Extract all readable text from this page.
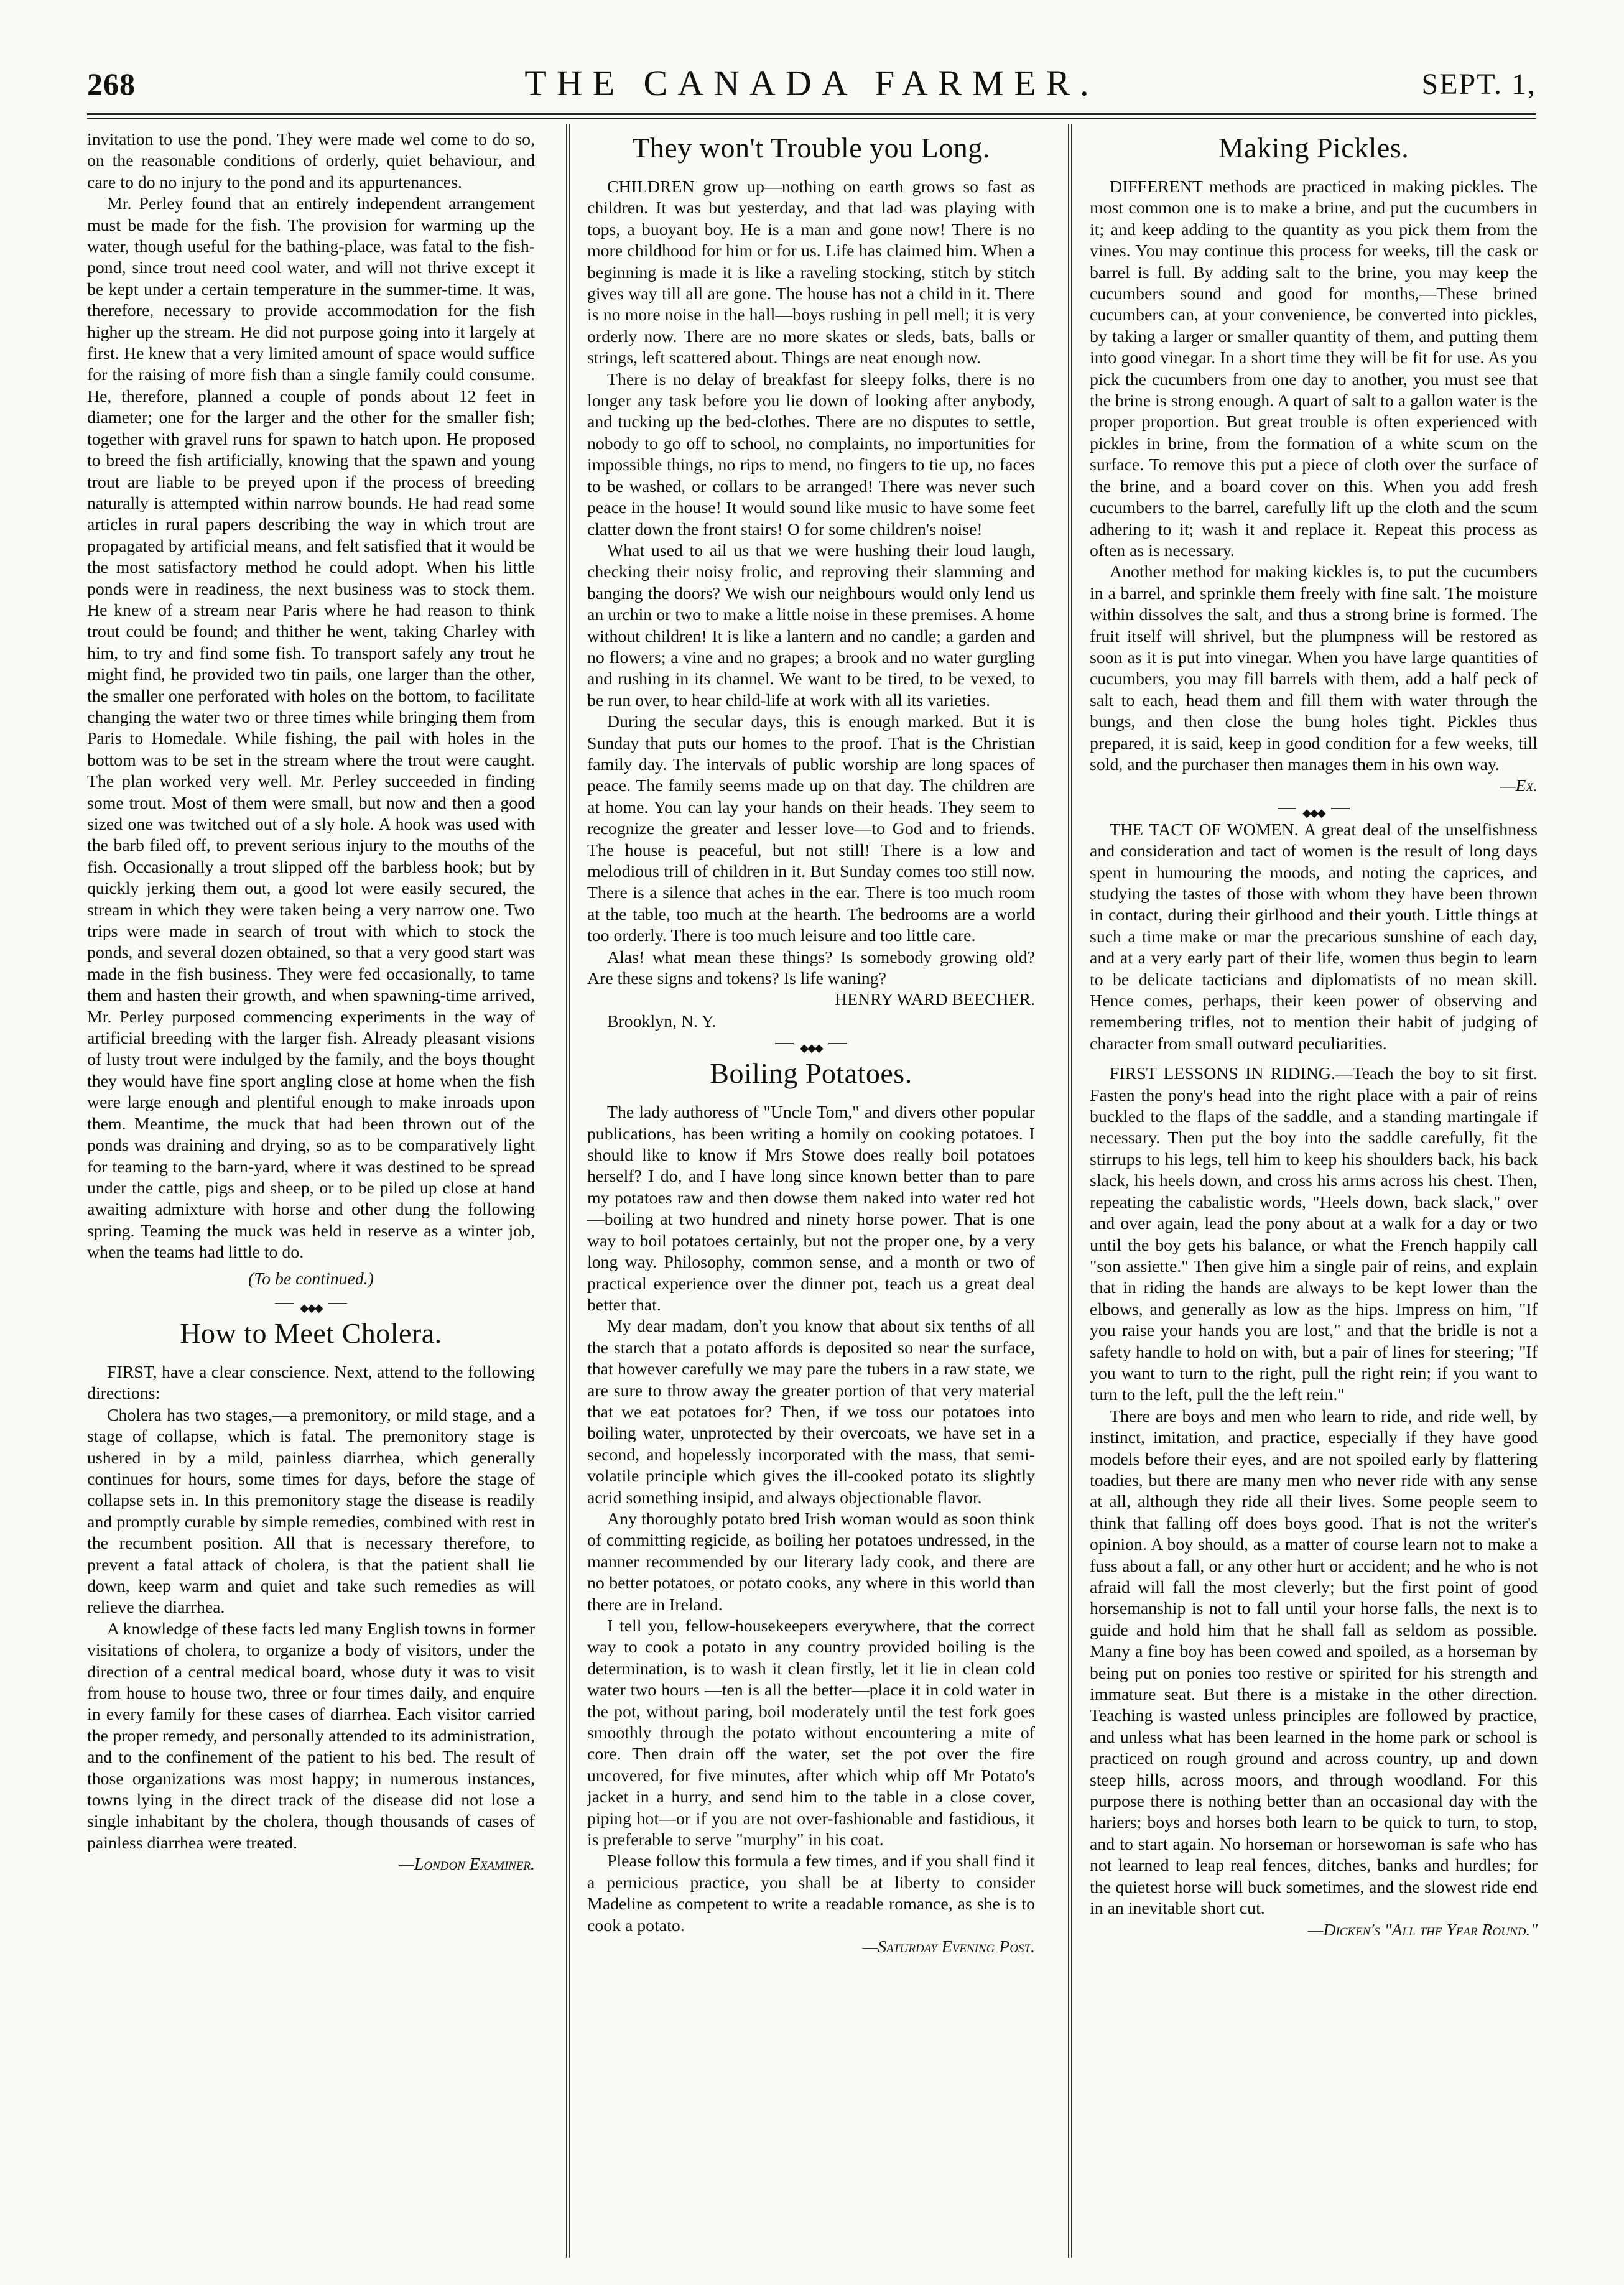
268	THE CANADA FARMER.	SEPT. 1,

invitation to use the pond. They were made wel come to do so, on the reasonable conditions of orderly, quiet behaviour, and care to do no injury to the pond and its appurtenances.

Mr. Perley found that an entirely independent arrangement must be made for the fish. The provision for warming up the water, though useful for the bathing-place, was fatal to the fish-pond, since trout need cool water, and will not thrive except it be kept under a certain temperature in the summer-time. It was, therefore, necessary to provide accommodation for the fish higher up the stream. He did not purpose going into it largely at first. He knew that a very limited amount of space would suffice for the raising of more fish than a single family could consume. He, therefore, planned a couple of ponds about 12 feet in diameter; one for the larger and the other for the smaller fish; together with gravel runs for spawn to hatch upon. He proposed to breed the fish artificially, knowing that the spawn and young trout are liable to be preyed upon if the process of breeding naturally is attempted within narrow bounds. He had read some articles in rural papers describing the way in which trout are propagated by artificial means, and felt satisfied that it would be the most satisfactory method he could adopt. When his little ponds were in readiness, the next business was to stock them. He knew of a stream near Paris where he had reason to think trout could be found; and thither he went, taking Charley with him, to try and find some fish. To transport safely any trout he might find, he provided two tin pails, one larger than the other, the smaller one perforated with holes on the bottom, to facilitate changing the water two or three times while bringing them from Paris to Homedale. While fishing, the pail with holes in the bottom was to be set in the stream where the trout were caught. The plan worked very well. Mr. Perley succeeded in finding some trout. Most of them were small, but now and then a good sized one was twitched out of a sly hole. A hook was used with the barb filed off, to prevent serious injury to the mouths of the fish. Occasionally a trout slipped off the barbless hook; but by quickly jerking them out, a good lot were easily secured, the stream in which they were taken being a very narrow one. Two trips were made in search of trout with which to stock the ponds, and several dozen obtained, so that a very good start was made in the fish business. They were fed occasionally, to tame them and hasten their growth, and when spawning-time arrived, Mr. Perley purposed commencing experiments in the way of artificial breeding with the larger fish. Already pleasant visions of lusty trout were indulged by the family, and the boys thought they would have fine sport angling close at home when the fish were large enough and plentiful enough to make inroads upon them. Meantime, the muck that had been thrown out of the ponds was draining and drying, so as to be comparatively light for teaming to the barn-yard, where it was destined to be spread under the cattle, pigs and sheep, or to be piled up close at hand awaiting admixture with horse and other dung the following spring. Teaming the muck was held in reserve as a winter job, when the teams had little to do.

(To be continued.)

◆◆◆
How to Meet Cholera.

FIRST, have a clear conscience. Next, attend to the following directions:

Cholera has two stages,—a premonitory, or mild stage, and a stage of collapse, which is fatal. The premonitory stage is ushered in by a mild, painless diarrhea, which generally continues for hours, some times for days, before the stage of collapse sets in. In this premonitory stage the disease is readily and promptly curable by simple remedies, combined with rest in the recumbent position. All that is necessary therefore, to prevent a fatal attack of cholera, is that the patient shall lie down, keep warm and quiet and take such remedies as will relieve the diarrhea.

A knowledge of these facts led many English towns in former visitations of cholera, to organize a body of visitors, under the direction of a central medical board, whose duty it was to visit from house to house two, three or four times daily, and enquire in every family for these cases of diarrhea. Each visitor carried the proper remedy, and personally attended to its administration, and to the confinement of the patient to his bed. The result of those organizations was most happy; in numerous instances, towns lying in the direct track of the disease did not lose a single inhabitant by the cholera, though thousands of cases of painless diarrhea were treated.

—London Examiner.

They won't Trouble you Long.

CHILDREN grow up—nothing on earth grows so fast as children. It was but yesterday, and that lad was playing with tops, a buoyant boy. He is a man and gone now! There is no more childhood for him or for us. Life has claimed him. When a beginning is made it is like a raveling stocking, stitch by stitch gives way till all are gone. The house has not a child in it. There is no more noise in the hall—boys rushing in pell mell; it is very orderly now. There are no more skates or sleds, bats, balls or strings, left scattered about. Things are neat enough now.

There is no delay of breakfast for sleepy folks, there is no longer any task before you lie down of looking after anybody, and tucking up the bed-clothes. There are no disputes to settle, nobody to go off to school, no complaints, no importunities for impossible things, no rips to mend, no fingers to tie up, no faces to be washed, or collars to be arranged! There was never such peace in the house! It would sound like music to have some feet clatter down the front stairs! O for some children's noise!

What used to ail us that we were hushing their loud laugh, checking their noisy frolic, and reproving their slamming and banging the doors? We wish our neighbours would only lend us an urchin or two to make a little noise in these premises. A home without children! It is like a lantern and no candle; a garden and no flowers; a vine and no grapes; a brook and no water gurgling and rushing in its channel. We want to be tired, to be vexed, to be run over, to hear child-life at work with all its varieties.

During the secular days, this is enough marked. But it is Sunday that puts our homes to the proof. That is the Christian family day. The intervals of public worship are long spaces of peace. The family seems made up on that day. The children are at home. You can lay your hands on their heads. They seem to recognize the greater and lesser love—to God and to friends. The house is peaceful, but not still! There is a low and melodious trill of children in it. But Sunday comes too still now. There is a silence that aches in the ear. There is too much room at the table, too much at the hearth. The bedrooms are a world too orderly. There is too much leisure and too little care.

Alas! what mean these things? Is somebody growing old? Are these signs and tokens? Is life waning?

HENRY WARD BEECHER.

Brooklyn, N. Y.

◆◆◆
Boiling Potatoes.

The lady authoress of "Uncle Tom," and divers other popular publications, has been writing a homily on cooking potatoes. I should like to know if Mrs Stowe does really boil potatoes herself? I do, and I have long since known better than to pare my potatoes raw and then dowse them naked into water red hot—boiling at two hundred and ninety horse power. That is one way to boil potatoes certainly, but not the proper one, by a very long way. Philosophy, common sense, and a month or two of practical experience over the dinner pot, teach us a great deal better that.

My dear madam, don't you know that about six tenths of all the starch that a potato affords is deposited so near the surface, that however carefully we may pare the tubers in a raw state, we are sure to throw away the greater portion of that very material that we eat potatoes for? Then, if we toss our potatoes into boiling water, unprotected by their overcoats, we have set in a second, and hopelessly incorporated with the mass, that semi-volatile principle which gives the ill-cooked potato its slightly acrid something insipid, and always objectionable flavor.

Any thoroughly potato bred Irish woman would as soon think of committing regicide, as boiling her potatoes undressed, in the manner recommended by our literary lady cook, and there are no better potatoes, or potato cooks, any where in this world than there are in Ireland.

I tell you, fellow-housekeepers everywhere, that the correct way to cook a potato in any country provided boiling is the determination, is to wash it clean firstly, let it lie in clean cold water two hours —ten is all the better—place it in cold water in the pot, without paring, boil moderately until the test fork goes smoothly through the potato without encountering a mite of core. Then drain off the water, set the pot over the fire uncovered, for five minutes, after which whip off Mr Potato's jacket in a hurry, and send him to the table in a close cover, piping hot—or if you are not over-fashionable and fastidious, it is preferable to serve "murphy" in his coat.

Please follow this formula a few times, and if you shall find it a pernicious practice, you shall be at liberty to consider Madeline as competent to write a readable romance, as she is to cook a potato.

—Saturday Evening Post.

Making Pickles.

DIFFERENT methods are practiced in making pickles. The most common one is to make a brine, and put the cucumbers in it; and keep adding to the quantity as you pick them from the vines. You may continue this process for weeks, till the cask or barrel is full. By adding salt to the brine, you may keep the cucumbers sound and good for months,—These brined cucumbers can, at your convenience, be converted into pickles, by taking a larger or smaller quantity of them, and putting them into good vinegar. In a short time they will be fit for use. As you pick the cucumbers from one day to another, you must see that the brine is strong enough. A quart of salt to a gallon water is the proper proportion. But great trouble is often experienced with pickles in brine, from the formation of a white scum on the surface. To remove this put a piece of cloth over the surface of the brine, and a board cover on this. When you add fresh cucumbers to the barrel, carefully lift up the cloth and the scum adhering to it; wash it and replace it. Repeat this process as often as is necessary.

Another method for making kickles is, to put the cucumbers in a barrel, and sprinkle them freely with fine salt. The moisture within dissolves the salt, and thus a strong brine is formed. The fruit itself will shrivel, but the plumpness will be restored as soon as it is put into vinegar. When you have large quantities of cucumbers, you may fill barrels with them, add a half peck of salt to each, head them and fill them with water through the bungs, and then close the bung holes tight. Pickles thus prepared, it is said, keep in good condition for a few weeks, till sold, and the purchaser then manages them in his own way.

—Ex.

◆◆◆

THE TACT OF WOMEN. A great deal of the unselfishness and consideration and tact of women is the result of long days spent in humouring the moods, and noting the caprices, and studying the tastes of those with whom they have been thrown in contact, during their girlhood and their youth. Little things at such a time make or mar the precarious sunshine of each day, and at a very early part of their life, women thus begin to learn to be delicate tacticians and diplomatists of no mean skill. Hence comes, perhaps, their keen power of observing and remembering trifles, not to mention their habit of judging of character from small outward peculiarities.

FIRST LESSONS IN RIDING.—Teach the boy to sit first. Fasten the pony's head into the right place with a pair of reins buckled to the flaps of the saddle, and a standing martingale if necessary. Then put the boy into the saddle carefully, fit the stirrups to his legs, tell him to keep his shoulders back, his back slack, his heels down, and cross his arms across his chest. Then, repeating the cabalistic words, "Heels down, back slack," over and over again, lead the pony about at a walk for a day or two until the boy gets his balance, or what the French happily call "son assiette." Then give him a single pair of reins, and explain that in riding the hands are always to be kept lower than the elbows, and generally as low as the hips. Impress on him, "If you raise your hands you are lost," and that the bridle is not a safety handle to hold on with, but a pair of lines for steering; "If you want to turn to the right, pull the right rein; if you want to turn to the left, pull the the left rein."

There are boys and men who learn to ride, and ride well, by instinct, imitation, and practice, especially if they have good models before their eyes, and are not spoiled early by flattering toadies, but there are many men who never ride with any sense at all, although they ride all their lives. Some people seem to think that falling off does boys good. That is not the writer's opinion. A boy should, as a matter of course learn not to make a fuss about a fall, or any other hurt or accident; and he who is not afraid will fall the most cleverly; but the first point of good horsemanship is not to fall until your horse falls, the next is to guide and hold him that he shall fall as seldom as possible. Many a fine boy has been cowed and spoiled, as a horseman by being put on ponies too restive or spirited for his strength and immature seat. But there is a mistake in the other direction. Teaching is wasted unless principles are followed by practice, and unless what has been learned in the home park or school is practiced on rough ground and across country, up and down steep hills, across moors, and through woodland. For this purpose there is nothing better than an occasional day with the hariers; boys and horses both learn to be quick to turn, to stop, and to start again. No horseman or horsewoman is safe who has not learned to leap real fences, ditches, banks and hurdles; for the quietest horse will buck sometimes, and the slowest ride end in an inevitable short cut.

—Dicken's "All the Year Round."
